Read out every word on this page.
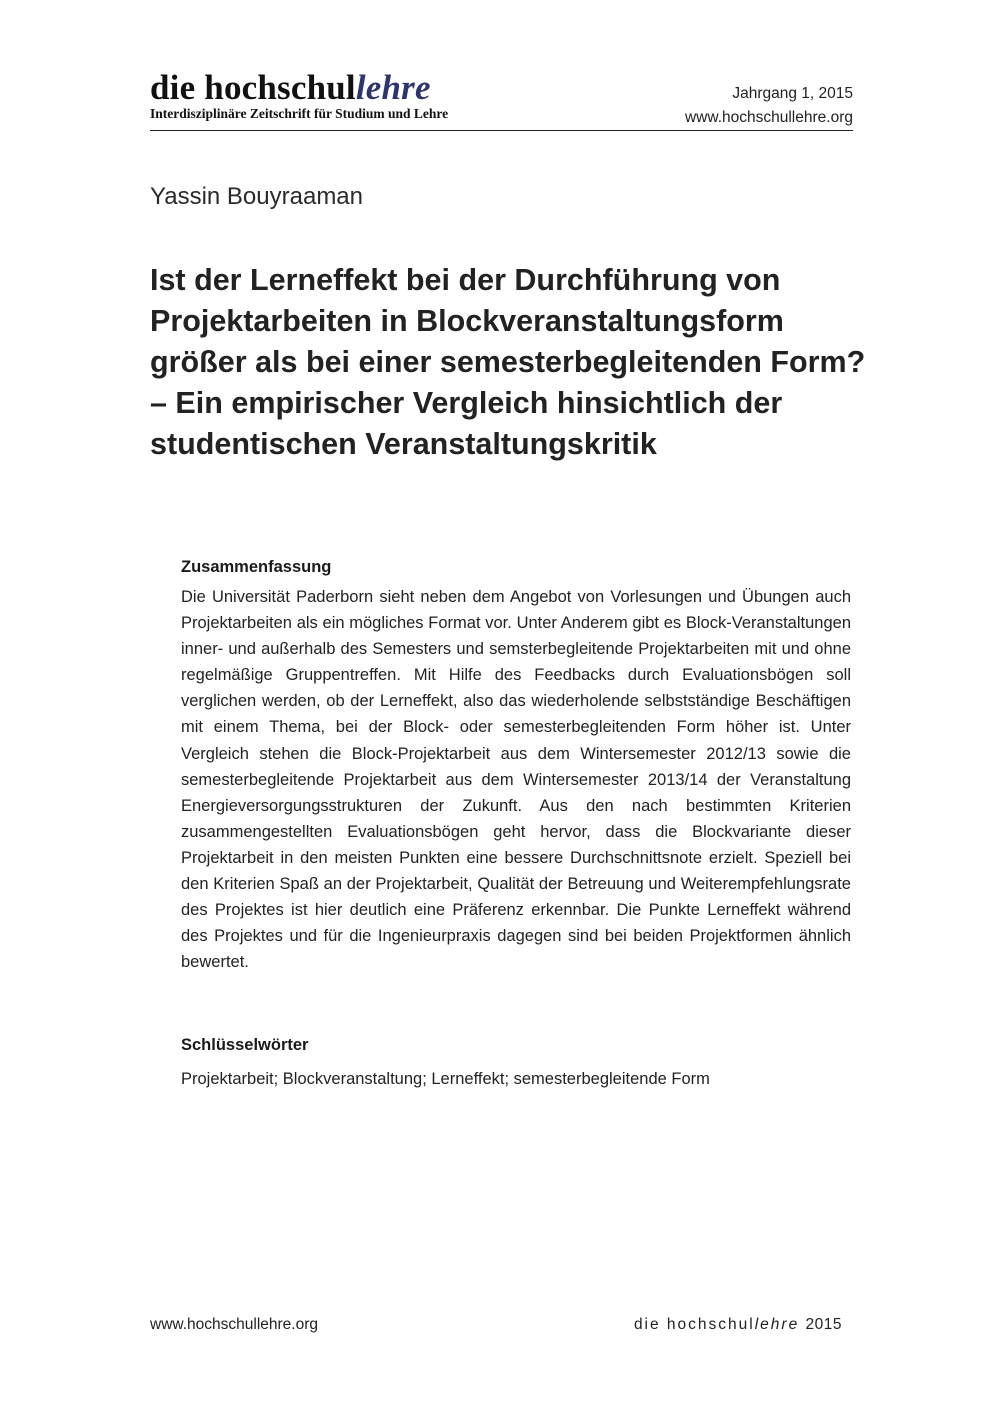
die hochschullehre
Interdisziplinäre Zeitschrift für Studium und Lehre
Jahrgang 1, 2015
www.hochschullehre.org
Yassin Bouyraaman
Ist der Lerneffekt bei der Durchführung von Projektarbeiten in Blockveranstaltungsform größer als bei einer semesterbegleitenden Form? – Ein empirischer Vergleich hinsichtlich der studentischen Veranstaltungskritik
Zusammenfassung

Die Universität Paderborn sieht neben dem Angebot von Vorlesungen und Übungen auch Projektarbeiten als ein mögliches Format vor. Unter Anderem gibt es Block-Veranstaltungen inner- und außerhalb des Semesters und semsterbegleitende Projektarbeiten mit und ohne regelmäßige Gruppentreffen. Mit Hilfe des Feedbacks durch Evaluationsbögen soll verglichen werden, ob der Lerneffekt, also das wiederholende selbstständige Beschäftigen mit einem Thema, bei der Block- oder semesterbegleitenden Form höher ist. Unter Vergleich stehen die Block-Projektarbeit aus dem Wintersemester 2012/13 sowie die semesterbegleitende Projektarbeit aus dem Wintersemester 2013/14 der Veranstaltung Energieversorgungsstrukturen der Zukunft. Aus den nach bestimmten Kriterien zusammengestellten Evaluationsbögen geht hervor, dass die Blockvariante dieser Projektarbeit in den meisten Punkten eine bessere Durchschnittsnote erzielt. Speziell bei den Kriterien Spaß an der Projektarbeit, Qualität der Betreuung und Weiterempfehlungsrate des Projektes ist hier deutlich eine Präferenz erkennbar. Die Punkte Lerneffekt während des Projektes und für die Ingenieurpraxis dagegen sind bei beiden Projektformen ähnlich bewertet.

Schlüsselwörter

Projektarbeit; Blockveranstaltung; Lerneffekt; semesterbegleitende Form

www.hochschullehre.org	die hochschullehre 2015
